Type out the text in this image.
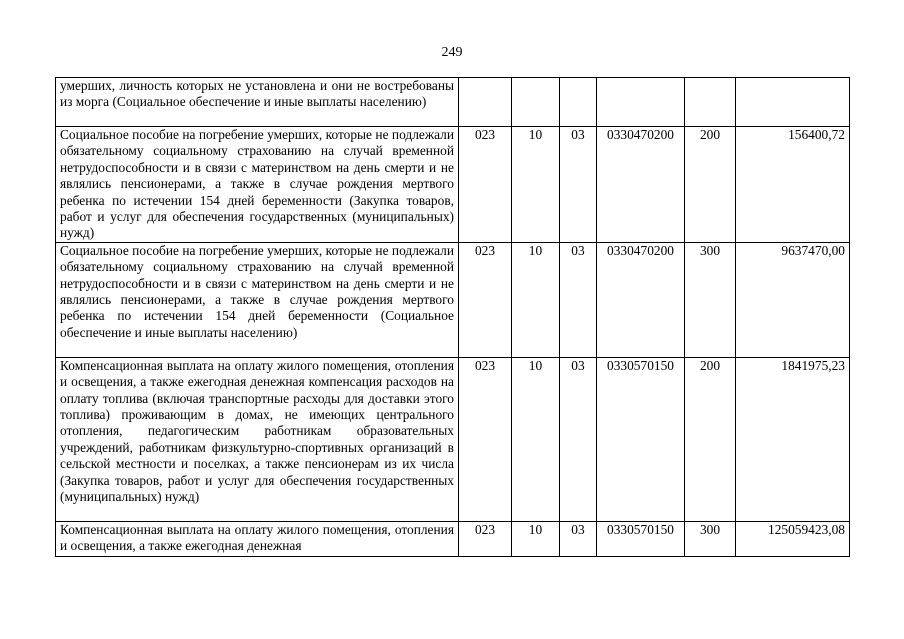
249
умерших, личность которых не установлена и они не востребованы из морга (Социальное обеспечение и иные выплаты населению)						
Социальное пособие на погребение умерших, которые не подлежали обязательному социальному страхованию на случай временной нетрудоспособности и в связи с материнством на день смерти и не являлись пенсионерами, а также в случае рождения мертвого ребенка по истечении 154 дней беременности (Закупка товаров, работ и услуг для обеспечения государственных (муниципальных) нужд)	023	10	03	0330470200	200	156400,72
Социальное пособие на погребение умерших, которые не подлежали обязательному социальному страхованию на случай временной нетрудоспособности и в связи с материнством на день смерти и не являлись пенсионерами, а также в случае рождения мертвого ребенка по истечении 154 дней беременности (Социальное обеспечение и иные выплаты населению)	023	10	03	0330470200	300	9637470,00
Компенсационная выплата на оплату жилого помещения, отопления и освещения, а также ежегодная денежная компенсация расходов на оплату топлива (включая транспортные расходы для доставки этого топлива) проживающим в домах, не имеющих центрального отопления, педагогическим работникам образовательных учреждений, работникам физкультурно-спортивных организаций в сельской местности и поселках, а также пенсионерам из их числа (Закупка товаров, работ и услуг для обеспечения государственных (муниципальных) нужд)	023	10	03	0330570150	200	1841975,23
Компенсационная выплата на оплату жилого помещения, отопления и освещения, а также ежегодная денежная	023	10	03	0330570150	300	125059423,08
